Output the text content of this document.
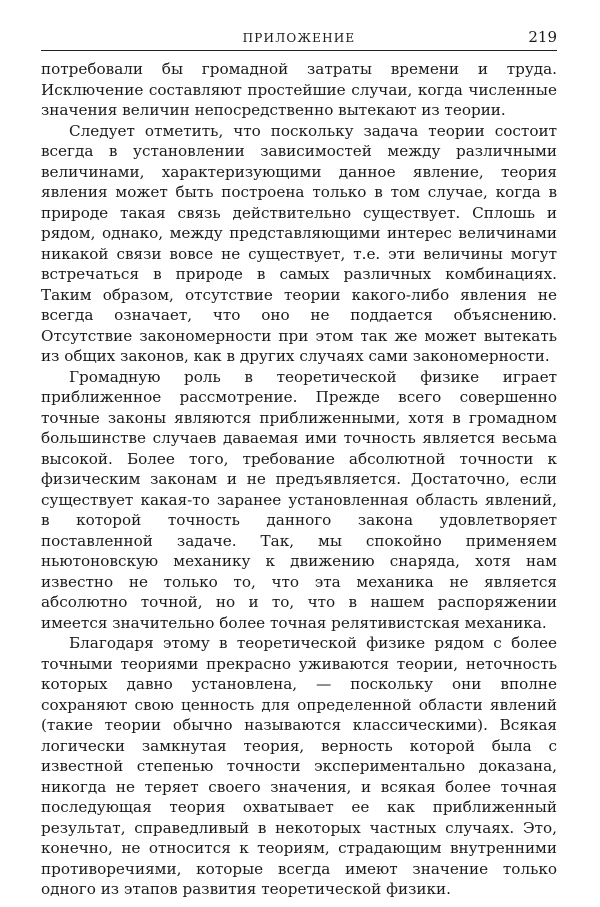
ПРИЛОЖЕНИЕ	219

потребовали бы громадной затраты времени и труда. Исключение составляют простейшие случаи, когда численные значения величин непосредственно вытекают из теории.

Следует отметить, что поскольку задача теории состоит всегда в установлении зависимостей между различными величинами, характеризующими данное явление, теория явления может быть построена только в том случае, когда в природе такая связь действительно существует. Сплошь и рядом, однако, между представляющими интерес величинами никакой связи вовсе не существует, т.е. эти величины могут встречаться в природе в самых различных комбинациях. Таким образом, отсутствие теории какого-либо явления не всегда означает, что оно не поддается объяснению. Отсутствие закономерности при этом так же может вытекать из общих законов, как в других случаях сами закономерности.

Громадную роль в теоретической физике играет приближенное рассмотрение. Прежде всего совершенно точные законы являются приближенными, хотя в громадном большинстве случаев даваемая ими точность является весьма высокой. Более того, требование абсолютной точности к физическим законам и не предъявляется. Достаточно, если существует какая-то заранее установленная область явлений, в которой точность данного закона удовлетворяет поставленной задаче. Так, мы спокойно применяем ньютоновскую механику к движению снаряда, хотя нам известно не только то, что эта механика не является абсолютно точной, но и то, что в нашем распоряжении имеется значительно более точная релятивистская механика.

Благодаря этому в теоретической физике рядом с более точными теориями прекрасно уживаются теории, неточность которых давно установлена, — поскольку они вполне сохраняют свою ценность для определенной области явлений (такие теории обычно называются классическими). Всякая логически замкнутая теория, верность которой была с известной степенью точности экспериментально доказана, никогда не теряет своего значения, и всякая более точная последующая теория охватывает ее как приближенный результат, справедливый в некоторых частных случаях. Это, конечно, не относится к теориям, страдающим внутренними противоречиями, которые всегда имеют значение только одного из этапов развития теоретической физики.
